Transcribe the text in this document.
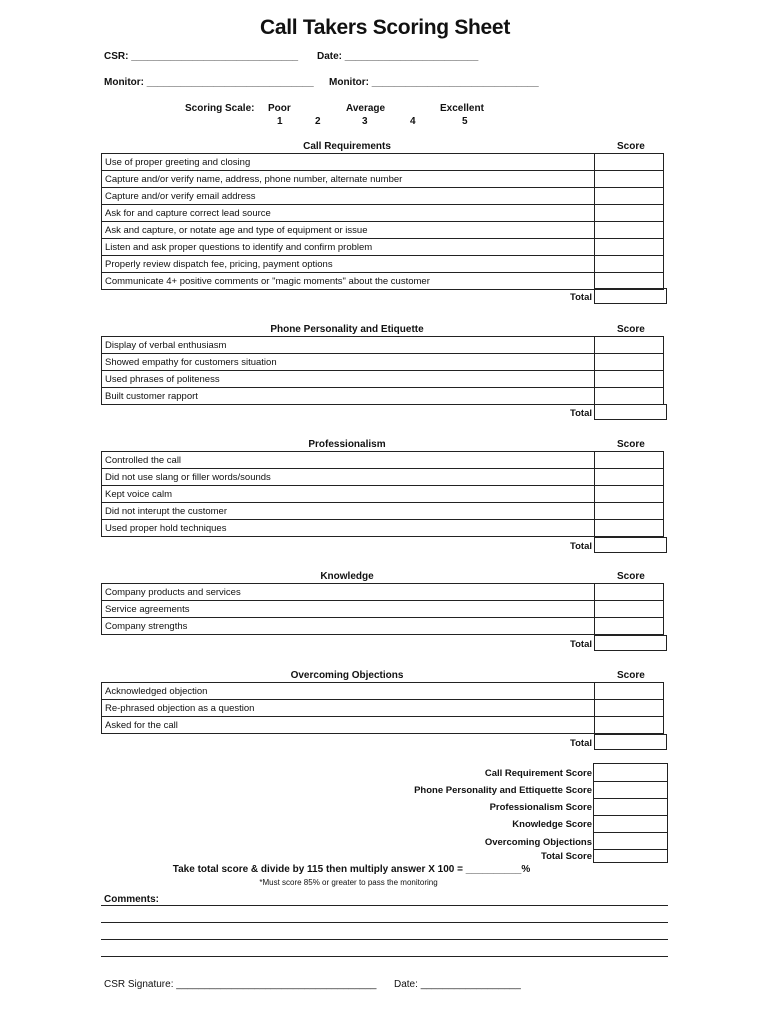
Call Takers Scoring Sheet
CSR: ______________________________ Date: ________________________
Monitor: ______________________________ Monitor: ______________________________
Scoring Scale: Poor	Average	Excellent
1	2	3	4	5
Call Requirements	Score
Use of proper greeting and closing	
Capture and/or verify name, address, phone number, alternate number	
Capture and/or verify email address	
Ask for and capture correct lead source	
Ask and capture, or notate age and type of equipment or issue	
Listen and ask proper questions to identify and confirm problem	
Properly review dispatch fee, pricing, payment options	
Communicate 4+ positive comments or "magic moments" about the customer	
Total
Phone Personality and Etiquette	Score
Display of verbal enthusiasm	
Showed empathy for customers situation	
Used phrases of politeness	
Built customer rapport	
Total
Professionalism	Score
Controlled the call	
Did not use slang or filler words/sounds	
Kept voice calm	
Did not interupt the customer	
Used proper hold techniques	
Total
Knowledge	Score
Company products and services	
Service agreements	
Company strengths	
Total
Overcoming Objections	Score
Acknowledged objection	
Re-phrased objection as a question	
Asked for the call	
Total
Call Requirement Score
Phone Personality and Ettiquette Score
Professionalism Score
Knowledge Score
Overcoming Objections
Total Score
Take total score & divide by 115 then multiply answer X 100 = __________%
*Must score 85% or greater to pass the monitoring
Comments:
CSR Signature: ____________________________________ Date: __________________
